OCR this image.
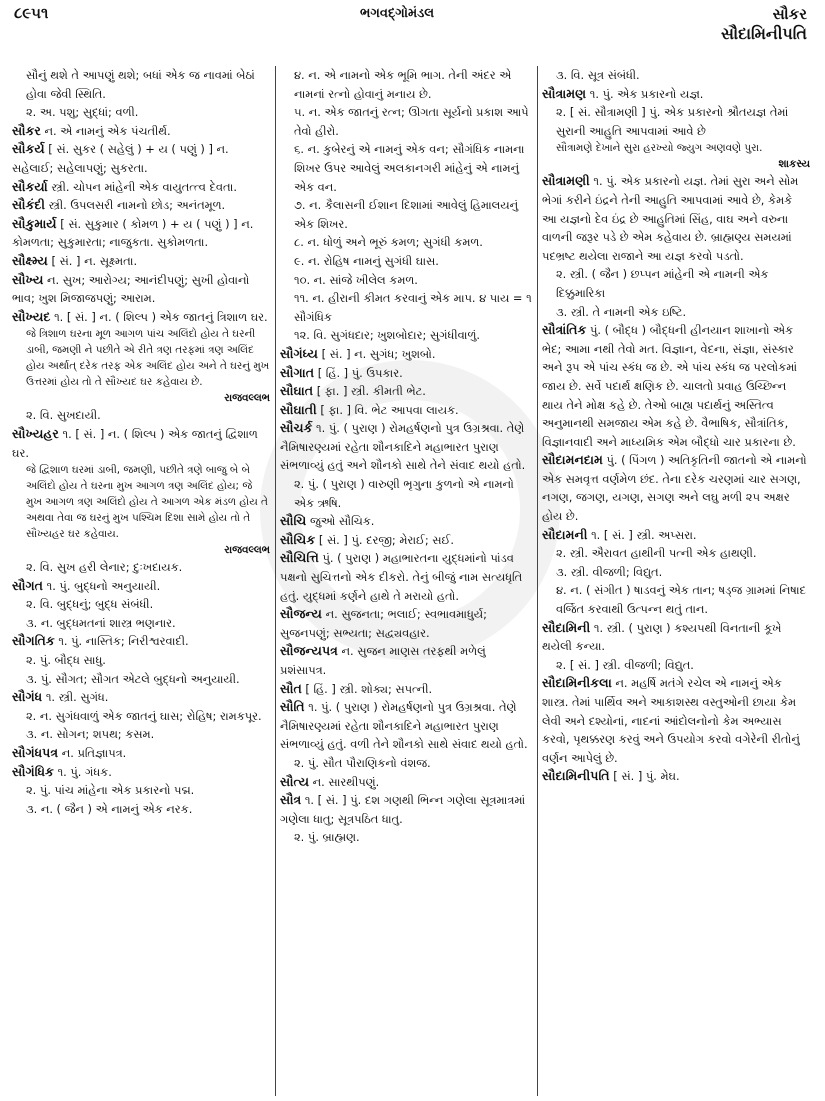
૮૯૫૧	ભગવદ્ગોમંડલ	સૌકર
સૌદામિનીપતિ
સૌનું થશે તે આપણું થશે; બધાં એક જ નાવમાં બેઠાં હોવા જેવી સ્થિતિ.
૨. અ. પશુ; સુદ્ધાં; વળી.
સૌકર ન. એ નામનું એક પંચતીર્થ.
સૌકર્ય [ સં. સુકર ( સહેલું ) + ય ( પણું ) ] ન. સહેલાઈ; સહેલાપણું; સુકરતા.
સૌકર્યા સ્ત્રી. ચોપન માંહેની એક વાયુતત્ત્વ દેવતા.
સૌકંદી સ્ત્રી. ઉપલસરી નામનો છોડ; અનંતમૂળ.
સૌકુમાર્ય [ સં. સુકુમાર ( કોમળ ) + ય ( પણું ) ] ન. કોમળતા; સુકુમારતા; નાજુકતા. સુકોમળતા.
સૌક્ષ્મ્ય [ સં. ] ન. સૂક્ષ્મતા.
સૌખ્ય ન. સુખ; આરોગ્ય; આનંદીપણું; સુખી હોવાનો ભાવ; ખુશ મિજાજપણું; આરામ.
સૌખ્યદ ૧. [ સં. ] ન. ( શિલ્પ ) એક જાતનું ત્રિશાળ ઘર.
જે ત્રિશાળ ઘરના મૂળ આગળ પાંચ અલિંદો હોય તે ઘરની ડાબી, જમણી ને પછીતે એ રીતે ત્રણ તરફમાં ત્રણ અલિંદ હોય અર્થાત્ દરેક તરફ એક અલિંદ હોય અને તે ઘરનું મુખ ઉત્તરમાં હોય તો તે સૌખ્યદ ઘર કહેવાય છે.
રાજવલ્લભ
૨. વિ. સુખદાયી.
સૌખ્યહર ૧. [ સં. ] ન. ( શિલ્પ ) એક જાતનું દ્વિશાળ ઘર.
જે દ્વિશાળ ઘરમાં ડાબી, જમણી, પછીતે ત્રણે બાજુ બે બે અલિંદો હોય તે ઘરના મુખ આગળ ત્રણ અલિંદ હોય; જે મુખ આગળ ત્રણ અલિંદો હોય તે આગળ એક મંડળ હોય તે અથવા તેવા જ ઘરનું મુખ પશ્ચિમ દિશા સામે હોય તો તે સૌખ્યહર ઘર કહેવાય.
રાજવલ્લભ
૨. વિ. સુખ હરી લેનાર; દુઃખદાયક.
સૌગત ૧. પું. બુદ્ધનો અનુયાયી.
૨. વિ. બુદ્ધનું; બુદ્ધ સંબંધી.
૩. ન. બુદ્ધમતનાં શાસ્ત્ર ભણનાર.
સૌગતિક ૧. પું. નાસ્તિક; નિરીશ્વરવાદી.
૨. પું. બૌદ્ધ સાધુ.
૩. પું. સૌગત; સૌગત એટલે બુદ્ધનો અનુયાયી.
સૌગંધ ૧. સ્ત્રી. સુગંધ.
૨. ન. સુગંધવાળું એક જાતનું ઘાસ; રોહિષ; રામકપૂર.
૩. ન. સોગન; શપથ; કસમ.
સૌગંધપત્ર ન. પ્રતિજ્ઞાપત્ર.
સૌગંધિક ૧. પું. ગંધક.
૨. પું. પાંચ માંહેના એક પ્રકારનો પદ્મ.
૩. ન. ( જૈન ) એ નામનું એક નરક.
૪. ન. એ નામનો એક ભૂમિ ભાગ. તેની અંદર એ નામનાં રત્નો હોવાનું મનાય છે.
૫. ન. એક જાતનું રત્ન; ઊગતા સૂર્યનો પ્રકાશ આપે તેવો હીરો.
૬. ન. કુબેરનું એ નામનું એક વન; સૌગંધિક નામના શિખર ઉપર આવેલું અલકાનગરી માંહેનું એ નામનું એક વન.
૭. ન. કૈલાસની ઈશાન દિશામાં આવેલું હિમાલયનું એક શિખર.
૮. ન. ધોળું અને ભૂરું કમળ; સુગંધી કમળ.
૯. ન. રોહિષ નામનું સુગંધી ઘાસ.
૧૦. ન. સાંજે ખીલેલ કમળ.
૧૧. ન. હીરાની કીમત કરવાનું એક માપ. ૪ પાય = ૧ સૌગંધિક
૧૨. વિ. સુગંધદાર; ખુશબોદાર; સુગંધીવાળું.
સૌગંધ્ય [ સં. ] ન. સુગંધ; ખુશબો.
સૌગાત [ હિં. ] પું. ઉપકાર.
સૌઘાત [ ફા. ] સ્ત્રી. કીમતી ભેટ.
સૌઘાતી [ ફા. ] વિ. ભેટ આપવા લાયક.
સૌચર્ક ૧. પું. ( પુરાણ ) રોમહર્ષણનો પુત્ર ઉગ્રશ્રવા. તેણે નૈમિષારણ્યમાં રહેતા શૌનકાદિને મહાભારત પુરાણ સંભળાવ્યું હતું અને શૌનકો સાથે તેને સંવાદ થયો હતો.
૨. પું. ( પુરાણ ) વારુણી ભૃગુના કુળનો એ નામનો એક ઋષિ.
સૌચિ જુઓ સૌચિક.
સૌચિક [ સં. ] પું. દરજી; મેરાઈ; સઈ.
સૌચિત્તિ પું. ( પુરાણ ) મહાભારતના યુદ્ધમાંનો પાંડવ પક્ષનો સુચિત્તનો એક દીકરો. તેનું બીજું નામ સત્યધૃતિ હતું. યુદ્ધમાં કર્ણને હાથે તે મરાયો હતો.
સૌજન્ય ન. સુજનતા; ભલાઈ; સ્વભાવમાધુર્ય; સુજનપણું; સભ્યતા; સદ્વ્યવહાર.
સૌજન્યપત્ર ન. સુજન માણસ તરફથી મળેલું પ્રશંસાપત્ર.
સૌત [ હિં. ] સ્ત્રી. શોક્ય; સપત્ની.
સૌતિ ૧. પું. ( પુરાણ ) રોમહર્ષણનો પુત્ર ઉગ્રશ્રવા. તેણે નૈમિષારણ્યમાં રહેતા શૌનકાદિને મહાભારત પુરાણ સંભળાવ્યું હતું. વળી તેને શૌનકો સાથે સંવાદ થયો હતો.
૨. પું. સૌત પૌરાણિકનો વંશજ.
સૌત્ય ન. સારથીપણું.
સૌત્ર ૧. [ સં. ] પું. દશ ગણથી ભિન્ન ગણેલા સૂત્રમાત્રમાં ગણેલા ધાતુ; સૂત્રપઠિત ધાતુ.
૨. પું. બ્રાહ્મણ.
૩. વિ. સૂત્ર સંબંધી.
સૌત્રામણ ૧. પું. એક પ્રકારનો યજ્ઞ.
૨. [ સં. સૌત્રામણી ] પું. એક પ્રકારનો શ્રૌતયજ્ઞ તેમાં સુરાની આહુતિ આપવામાં આવે છે
સૌત્રામણે દેખાને સુરા હરખ્યો જ્યુગ અણવણે પુરા.
શાકસ્ય
સૌત્રામણી ૧. પું. એક પ્રકારનો યજ્ઞ. તેમાં સુરા અને સોમ ભેગાં કરીને ઇંદ્રને તેની આહુતિ આપવામાં આવે છે, કેમકે આ યજ્ઞનો દેવ ઇંદ્ર છે આહુતિમાં સિંહ, વાઘ અને વરુના વાળની જરૂર પડે છે એમ કહેવાય છે. બ્રાહ્મણ્ય સમયમાં પદભ્રષ્ટ થયેલા રાજાને આ યજ્ઞ કરવો પડતો.
૨. સ્ત્રી. ( જૈન ) છપ્પન માંહેની એ નામની એક દિક્કુમારિકા
૩. સ્ત્રી. તે નામની એક ઇષ્ટિ.
સૌત્રાંતિક પું. ( બૌદ્ધ ) બૌદ્ધની હીનયાન શાખાનો એક ભેદ; આમા નથી તેવો મત. વિજ્ઞાન, વેદના, સંજ્ઞા, સંસ્કાર અને રૂપ એ પાંચ સ્કંધ જ છે. એ પાંચ સ્કંધ જ પરલોકમાં જાય છે. સર્વે પદાર્થ ક્ષણિક છે. ચાલતો પ્રવાહ ઉચ્છિન્ન થાય તેને મોક્ષ કહે છે. તેઓ બાહ્ય પદાર્થનું અસ્તિત્વ અનુમાનથી સમજાય એમ કહે છે. વૈભાષિક, સૌત્રાંતિક, વિજ્ઞાનવાદી અને માધ્યમિક એમ બૌદ્ધો ચાર પ્રકારના છે.
સૌદામનદામ પું. ( પિંગળ ) અતિકૃતિની જાતનો એ નામનો એક સમવૃત્ત વર્ણમેળ છંદ. તેના દરેક ચરણમાં ચાર સગણ, નગણ, જગણ, યગણ, સગણ અને લઘુ મળી ૨૫ અક્ષર હોય છે.
સૌદામની ૧. [ સં. ] સ્ત્રી. અપ્સરા.
૨. સ્ત્રી. ઐરાવત હાથીની પત્ની એક હાથણી.
૩. સ્ત્રી. વીજળી; વિદ્યુત.
૪. ન. ( સંગીત ) ષાડવનું એક તાન; ષડ્જ ગ્રામમાં નિષાદ વર્જિત કરવાથી ઉત્પન્ન થતું તાન.
સૌદામિની ૧. સ્ત્રી. ( પુરાણ ) કશ્યપથી વિનતાની કૂખે થયેલી કન્યા.
૨. [ સં. ] સ્ત્રી. વીજળી; વિદ્યુત.
સૌદામિનીકલા ન. મહર્ષિ મતંગે રચેલ એ નામનું એક શાસ્ત્ર. તેમાં પાર્થિવ અને આકાશસ્થ વસ્તુઓની છાયા કેમ લેવી અને દશ્યોનાં, નાદનાં આંદોલનોનો કેમ અભ્યાસ કરવો, પૃથક્કરણ કરવું અને ઉપયોગ કરવો વગેરેની રીતોનું વર્ણન આપેલું છે.
સૌદામિનીપતિ [ સં. ] પું. મેઘ.
